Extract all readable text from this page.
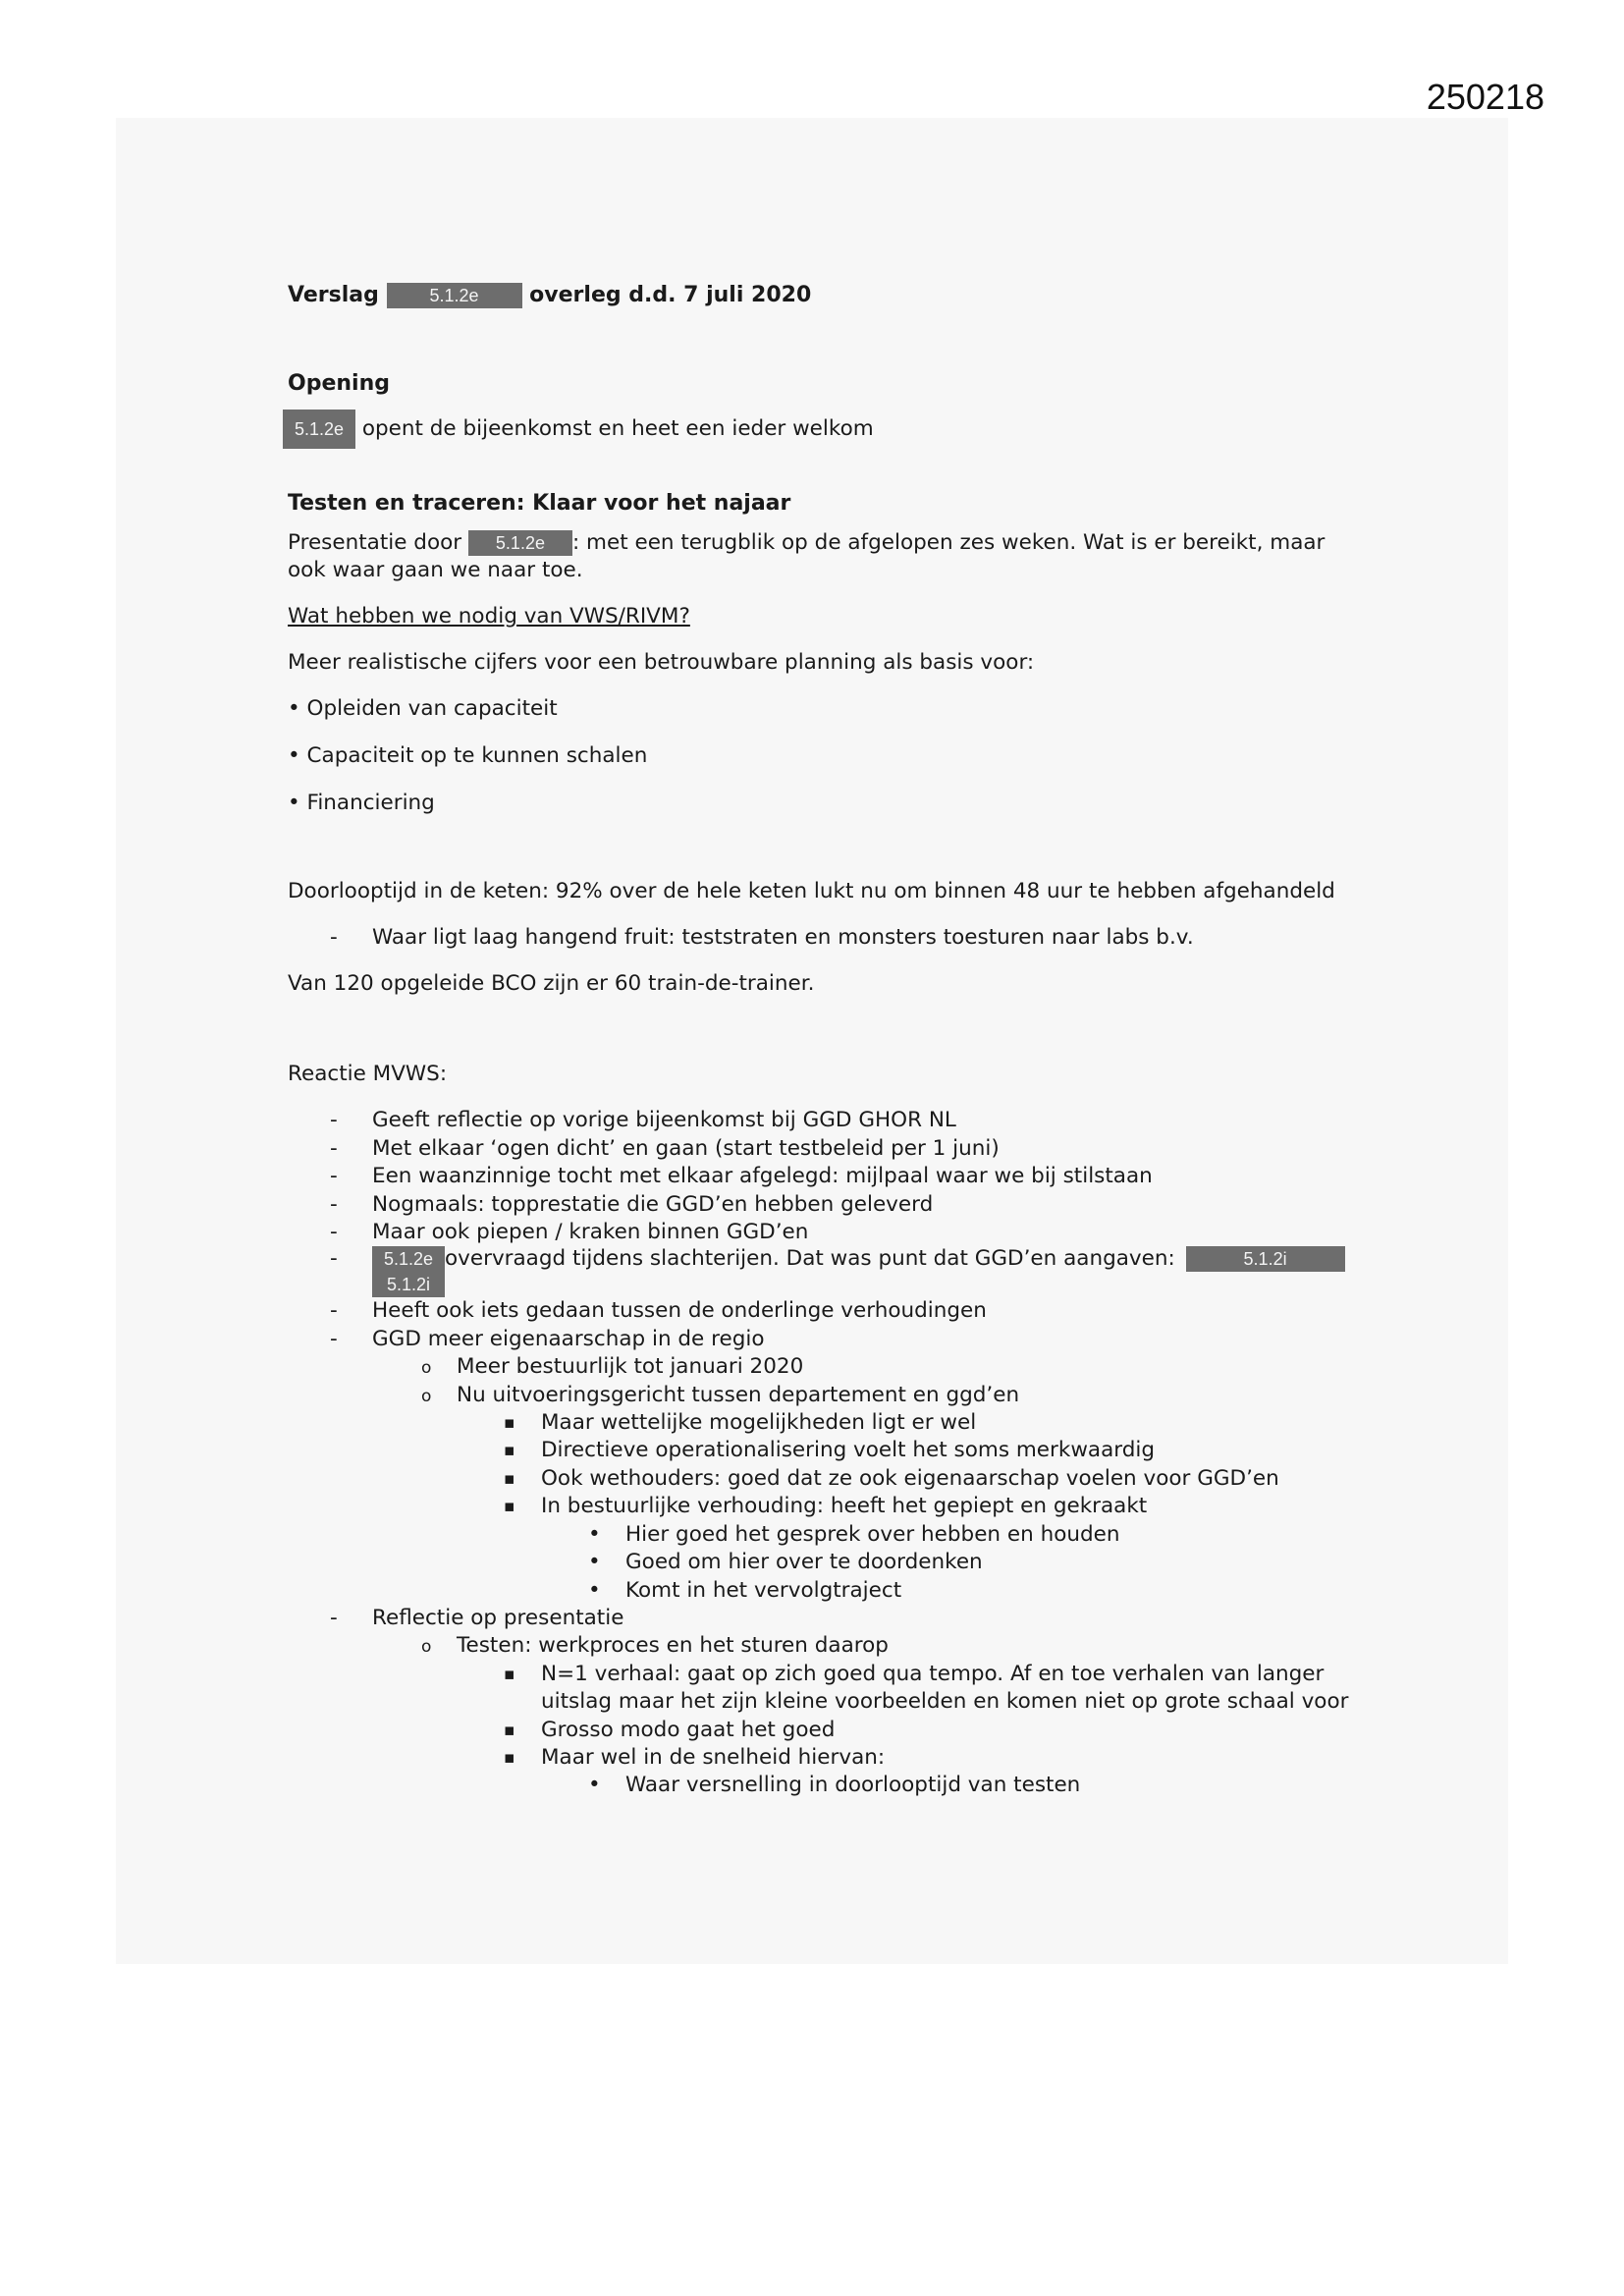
250218
Verslag	5.1.2e overleg d.d. 7 juli 2020
Opening

5.1.2e opent de bijeenkomst en heet een ieder welkom

Testen en traceren: Klaar voor het najaar

Presentatie door 5.1.2e : met een terugblik op de afgelopen zes weken. Wat is er bereikt, maar ook waar gaan we naar toe.

Wat hebben we nodig van VWS/RIVM?

Meer realistische cijfers voor een betrouwbare planning als basis voor:

• Opleiden van capaciteit
• Capaciteit op te kunnen schalen
• Financiering

Doorlooptijd in de keten: 92% over de hele keten lukt nu om binnen 48 uur te hebben afgehandeld

- Waar ligt laag hangend fruit: teststraten en monsters toesturen naar labs b.v.

Van 120 opgeleide BCO zijn er 60 train-de-trainer.

Reactie MVWS:

- Geeft reflectie op vorige bijeenkomst bij GGD GHOR NL
- Met elkaar ‘ogen dicht’ en gaan (start testbeleid per 1 juni)
- Een waanzinnige tocht met elkaar afgelegd: mijlpaal waar we bij stilstaan
- Nogmaals: topprestatie die GGD’en hebben geleverd
- Maar ook piepen / kraken binnen GGD’en
- 5.1.2e overvraagd tijdens slachterijen. Dat was punt dat GGD’en aangaven:	5.1.2i
5.1.2i
- Heeft ook iets gedaan tussen de onderlinge verhoudingen
- GGD meer eigenaarschap in de regio
o Meer bestuurlijk tot januari 2020
o Nu uitvoeringsgericht tussen departement en ggd’en
▪ Maar wettelijke mogelijkheden ligt er wel
▪ Directieve operationalisering voelt het soms merkwaardig
▪ Ook wethouders: goed dat ze ook eigenaarschap voelen voor GGD’en
▪ In bestuurlijke verhouding: heeft het gepiept en gekraakt
• Hier goed het gesprek over hebben en houden
• Goed om hier over te doordenken
• Komt in het vervolgtraject
- Reflectie op presentatie
o Testen: werkproces en het sturen daarop
▪ N=1 verhaal: gaat op zich goed qua tempo. Af en toe verhalen van langer uitslag maar het zijn kleine voorbeelden en komen niet op grote schaal voor
▪ Grosso modo gaat het goed
▪ Maar wel in de snelheid hiervan:
• Waar versnelling in doorlooptijd van testen
